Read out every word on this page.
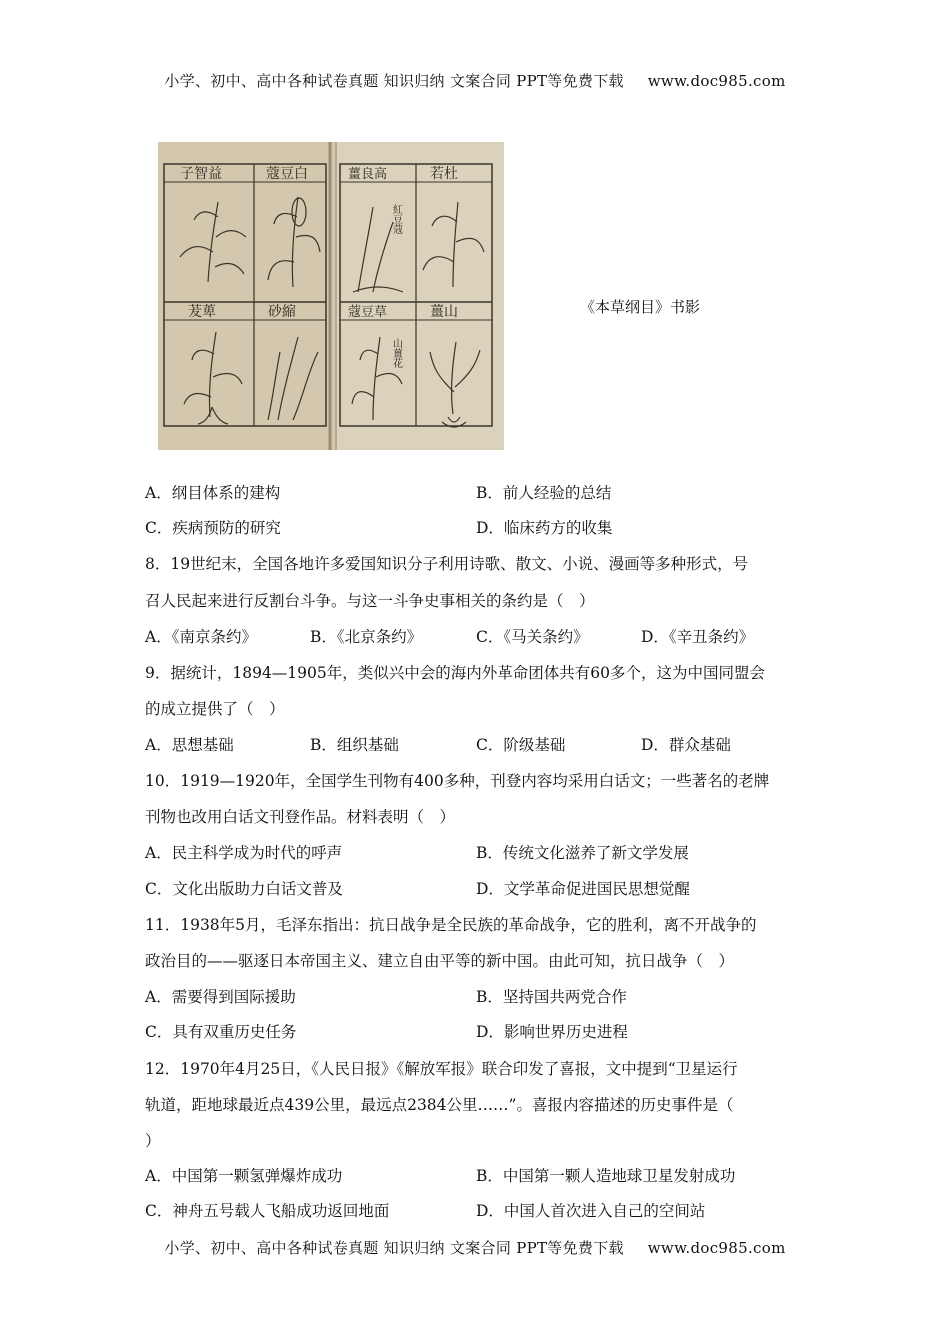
小学、初中、高中各种试卷真题 知识归纳 文案合同 PPT等免费下载 www.doc985.com
子智益	蔻豆白	薑良高	若杜
茇萆	砂縮	蔻豆草	薑山
紅豆蔻
山薑花
《本草纲目》书影
A．纲目体系的建构	B．前人经验的总结
C．疾病预防的研究	D．临床药方的收集
8．19世纪末，全国各地许多爱国知识分子利用诗歌、散文、小说、漫画等多种形式，号
召人民起来进行反割台斗争。与这一斗争史事相关的条约是（　）
A．《南京条约》	B．《北京条约》	C．《马关条约》	D．《辛丑条约》
9．据统计，1894—1905年，类似兴中会的海内外革命团体共有60多个，这为中国同盟会
的成立提供了（　）
A．思想基础	B．组织基础	C．阶级基础	D．群众基础
10．1919—1920年，全国学生刊物有400多种，刊登内容均采用白话文；一些著名的老牌
刊物也改用白话文刊登作品。材料表明（　）
A．民主科学成为时代的呼声	B．传统文化滋养了新文学发展
C．文化出版助力白话文普及	D．文学革命促进国民思想觉醒
11．1938年5月，毛泽东指出：抗日战争是全民族的革命战争，它的胜利，离不开战争的
政治目的——驱逐日本帝国主义、建立自由平等的新中国。由此可知，抗日战争（　）
A．需要得到国际援助	B．坚持国共两党合作
C．具有双重历史任务	D．影响世界历史进程
12．1970年4月25日，《人民日报》《解放军报》联合印发了喜报，文中提到“卫星运行
轨道，距地球最近点439公里，最远点2384公里……”。喜报内容描述的历史事件是（
）
A．中国第一颗氢弹爆炸成功	B．中国第一颗人造地球卫星发射成功
C．神舟五号载人飞船成功返回地面	D．中国人首次进入自己的空间站
小学、初中、高中各种试卷真题 知识归纳 文案合同 PPT等免费下载 www.doc985.com
